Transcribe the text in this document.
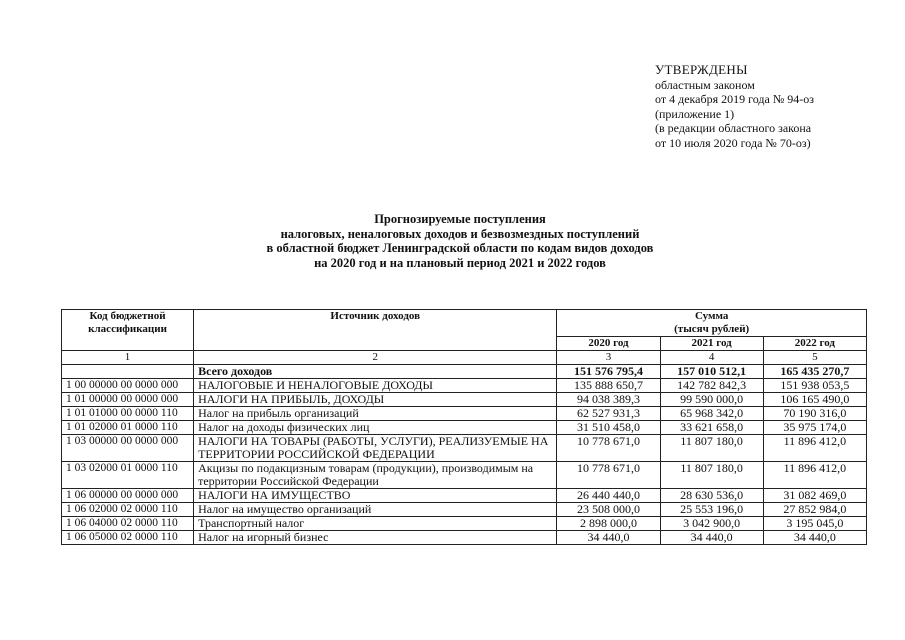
УТВЕРЖДЕНЫ
областным законом
от 4 декабря 2019 года № 94-оз
(приложение 1)
(в редакции областного закона
от 10 июля 2020 года № 70-оз)
Прогнозируемые поступления
налоговых, неналоговых доходов и безвозмездных поступлений
в областной бюджет Ленинградской области по кодам видов доходов
на 2020 год и на плановый период 2021 и 2022 годов
Код бюджетной классификации	Источник доходов	Сумма
(тысяч рублей)		

		2020 год	2021 год	2022 год
1	2	3	4	5
	Всего доходов	151 576 795,4	157 010 512,1	165 435 270,7
1 00 00000 00 0000 000	НАЛОГОВЫЕ И НЕНАЛОГОВЫЕ ДОХОДЫ	135 888 650,7	142 782 842,3	151 938 053,5
1 01 00000 00 0000 000	НАЛОГИ НА ПРИБЫЛЬ, ДОХОДЫ	94 038 389,3	99 590 000,0	106 165 490,0
1 01 01000 00 0000 110	Налог на прибыль организаций	62 527 931,3	65 968 342,0	70 190 316,0
1 01 02000 01 0000 110	Налог на доходы физических лиц	31 510 458,0	33 621 658,0	35 975 174,0
1 03 00000 00 0000 000	НАЛОГИ НА ТОВАРЫ (РАБОТЫ, УСЛУГИ), РЕАЛИЗУЕМЫЕ НА ТЕРРИТОРИИ РОССИЙСКОЙ ФЕДЕРАЦИИ	10 778 671,0	11 807 180,0	11 896 412,0
1 03 02000 01 0000 110	Акцизы по подакцизным товарам (продукции), производимым на территории Российской Федерации	10 778 671,0	11 807 180,0	11 896 412,0
1 06 00000 00 0000 000	НАЛОГИ НА ИМУЩЕСТВО	26 440 440,0	28 630 536,0	31 082 469,0
1 06 02000 02 0000 110	Налог на имущество организаций	23 508 000,0	25 553 196,0	27 852 984,0
1 06 04000 02 0000 110	Транспортный налог	2 898 000,0	3 042 900,0	3 195 045,0
1 06 05000 02 0000 110	Налог на игорный бизнес	34 440,0	34 440,0	34 440,0
